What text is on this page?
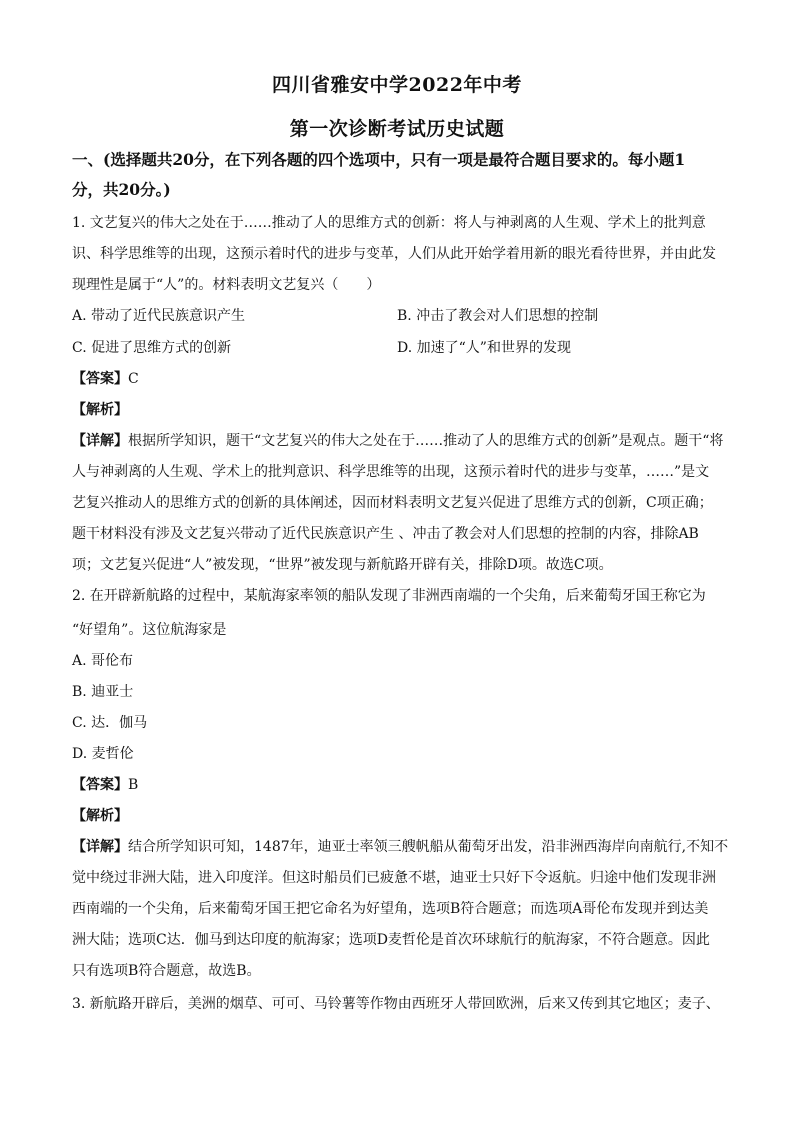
四川省雅安中学2022年中考
第一次诊断考试历史试题
一、(选择题共20分，在下列各题的四个选项中，只有一项是最符合题目要求的。每小题1
分，共20分。)
1. 文艺复兴的伟大之处在于……推动了人的思维方式的创新：将人与神剥离的人生观、学术上的批判意
识、科学思维等的出现，这预示着时代的进步与变革，人们从此开始学着用新的眼光看待世界，并由此发
现理性是属于“人”的。材料表明文艺复兴（　　）
A. 带动了近代民族意识产生	B. 冲击了教会对人们思想的控制
C. 促进了思维方式的创新	D. 加速了“人”和世界的发现
【答案】C
【解析】
【详解】根据所学知识，题干“文艺复兴的伟大之处在于……推动了人的思维方式的创新”是观点。题干“将
人与神剥离的人生观、学术上的批判意识、科学思维等的出现，这预示着时代的进步与变革，……”是文
艺复兴推动人的思维方式的创新的具体阐述，因而材料表明文艺复兴促进了思维方式的创新，C项正确；
题干材料没有涉及文艺复兴带动了近代民族意识产生 、冲击了教会对人们思想的控制的内容，排除AB
项；文艺复兴促进“人”被发现，“世界”被发现与新航路开辟有关，排除D项。故选C项。
2. 在开辟新航路的过程中，某航海家率领的船队发现了非洲西南端的一个尖角，后来葡萄牙国王称它为
“好望角”。这位航海家是
A. 哥伦布
B. 迪亚士
C. 达．伽马
D. 麦哲伦
【答案】B
【解析】
【详解】结合所学知识可知，1487年，迪亚士率领三艘帆船从葡萄牙出发，沿非洲西海岸向南航行,不知不
觉中绕过非洲大陆，进入印度洋。但这时船员们已疲惫不堪，迪亚士只好下令返航。归途中他们发现非洲
西南端的一个尖角，后来葡萄牙国王把它命名为好望角，选项B符合题意；而选项A哥伦布发现并到达美
洲大陆；选项C达．伽马到达印度的航海家；选项D麦哲伦是首次环球航行的航海家，不符合题意。因此
只有选项B符合题意，故选B。
3. 新航路开辟后，美洲的烟草、可可、马铃薯等作物由西班牙人带回欧洲，后来又传到其它地区；麦子、
